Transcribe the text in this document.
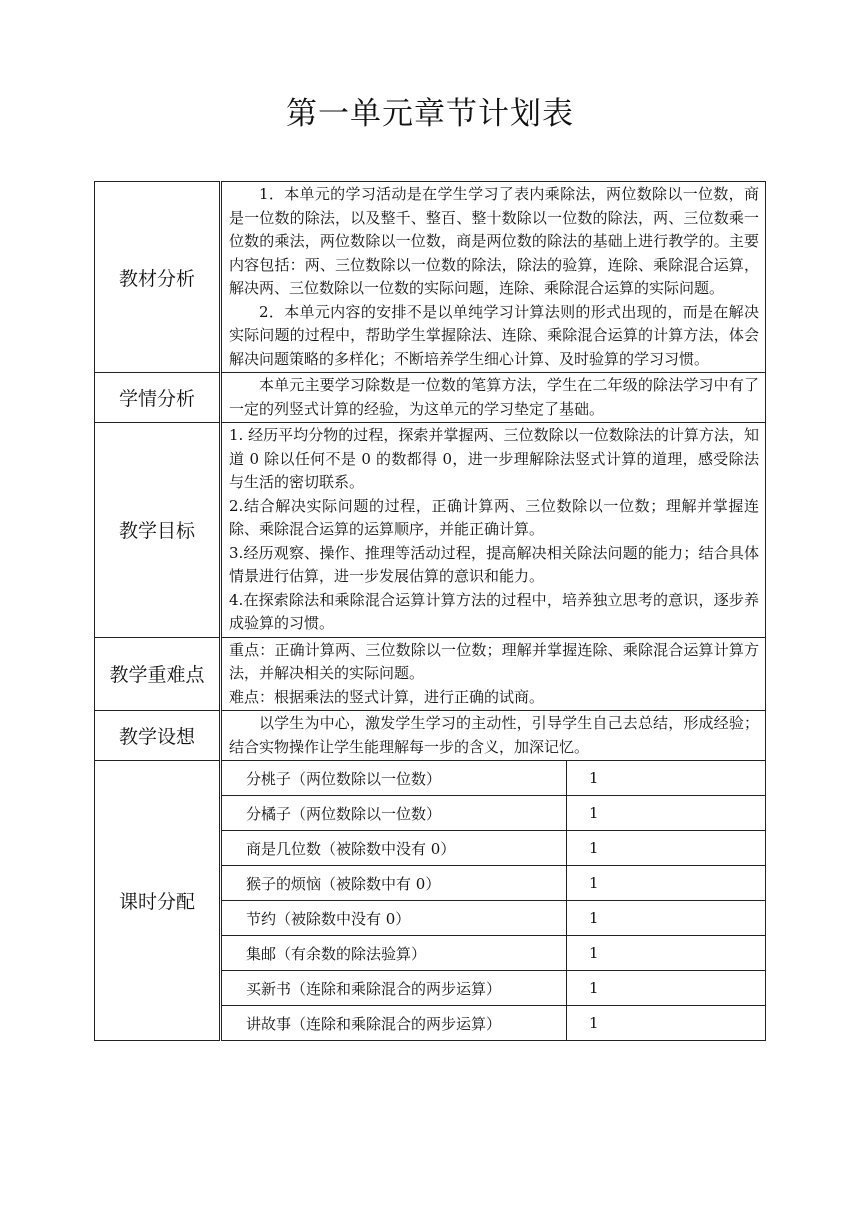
第一单元章节计划表
教材分析	

1．本单元的学习活动是在学生学习了表内乘除法，两位数除以一位数，商是一位数的除法，以及整千、整百、整十数除以一位数的除法，两、三位数乘一位数的乘法，两位数除以一位数，商是两位数的除法的基础上进行教学的。主要内容包括：两、三位数除以一位数的除法，除法的验算，连除、乘除混合运算，解决两、三位数除以一位数的实际问题，连除、乘除混合运算的实际问题。

2．本单元内容的安排不是以单纯学习计算法则的形式出现的，而是在解决实际问题的过程中，帮助学生掌握除法、连除、乘除混合运算的计算方法，体会解决问题策略的多样化；不断培养学生细心计算、及时验算的学习习惯。

学情分析	

本单元主要学习除数是一位数的笔算方法，学生在二年级的除法学习中有了一定的列竖式计算的经验，为这单元的学习垫定了基础。

教学目标	

1. 经历平均分物的过程，探索并掌握两、三位数除以一位数除法的计算方法，知道 0 除以任何不是 0 的数都得 0，进一步理解除法竖式计算的道理，感受除法与生活的密切联系。

2.结合解决实际问题的过程，正确计算两、三位数除以一位数；理解并掌握连除、乘除混合运算的运算顺序，并能正确计算。

3.经历观察、操作、推理等活动过程，提高解决相关除法问题的能力；结合具体情景进行估算，进一步发展估算的意识和能力。

4.在探索除法和乘除混合运算计算方法的过程中，培养独立思考的意识，逐步养成验算的习惯。

教学重难点	

重点：正确计算两、三位数除以一位数；理解并掌握连除、乘除混合运算计算方法，并解决相关的实际问题。

难点：根据乘法的竖式计算，进行正确的试商。

教学设想	

以学生为中心，激发学生学习的主动性，引导学生自己去总结，形成经验；结合实物操作让学生能理解每一步的含义，加深记忆。

课时分配	
分桃子（两位数除以一位数）	1
分橘子（两位数除以一位数）	1
商是几位数（被除数中没有 0）	1
猴子的烦恼（被除数中有 0）	1
节约（被除数中没有 0）	1
集邮（有余数的除法验算）	1
买新书（连除和乘除混合的两步运算）	1
讲故事（连除和乘除混合的两步运算）	1
